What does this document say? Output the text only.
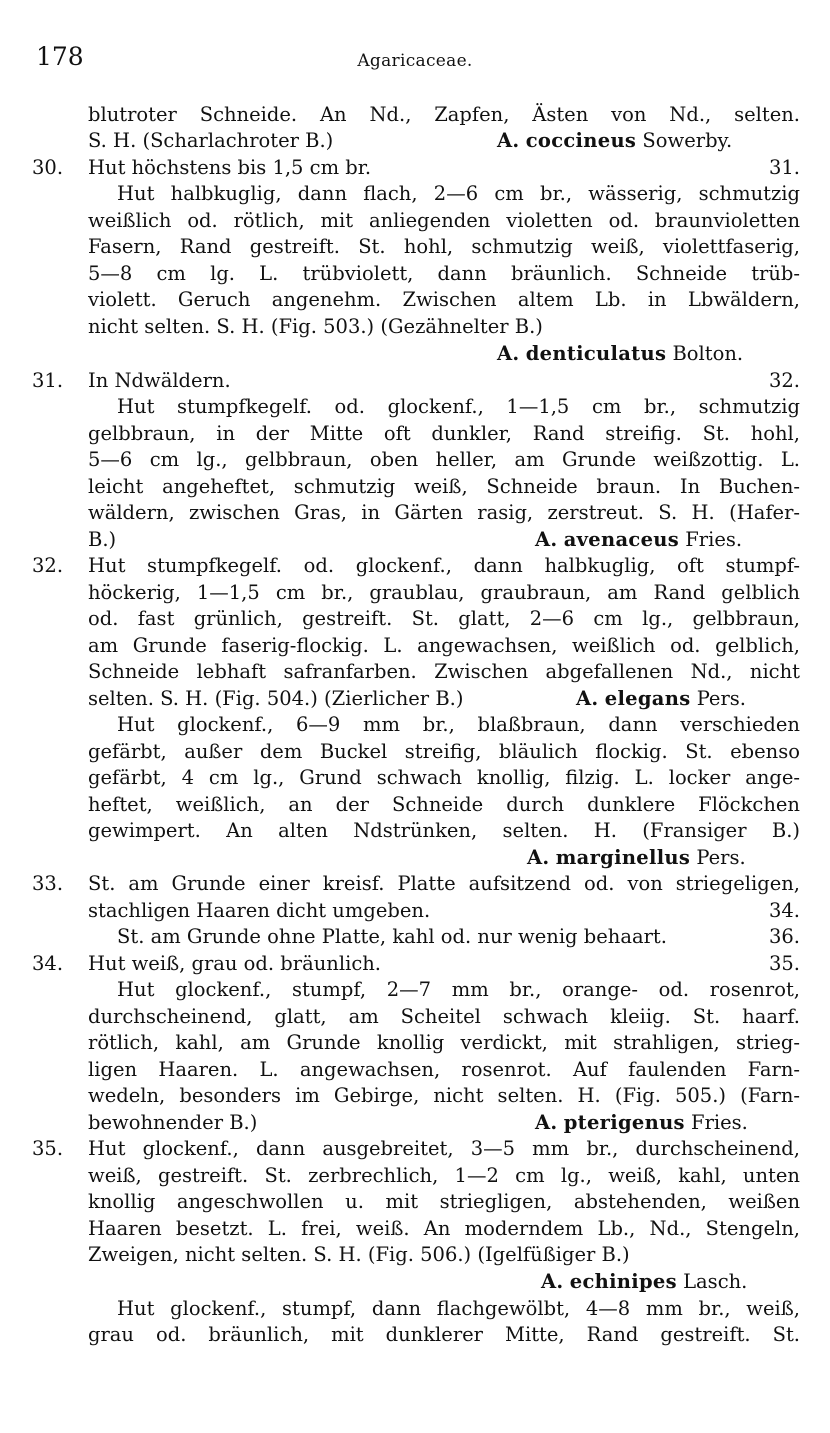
178	Agaricaceae.
blutroter Schneide. An Nd., Zapfen, Ästen von Nd., selten.
S. H. (Scharlachroter B.)	A. coccineus Sowerby.
30.	Hut höchstens bis 1,5 cm br.	31.
Hut halbkuglig, dann flach, 2—6 cm br., wässerig, schmutzig
weißlich od. rötlich, mit anliegenden violetten od. braunvioletten
Fasern, Rand gestreift. St. hohl, schmutzig weiß, violettfaserig,
5—8 cm lg. L. trübviolett, dann bräunlich. Schneide trüb-
violett. Geruch angenehm. Zwischen altem Lb. in Lbwäldern,
nicht selten. S. H. (Fig. 503.) (Gezähnelter B.)
A. denticulatus Bolton.
31.	In Ndwäldern.	32.
Hut stumpfkegelf. od. glockenf., 1—1,5 cm br., schmutzig
gelbbraun, in der Mitte oft dunkler, Rand streifig. St. hohl,
5—6 cm lg., gelbbraun, oben heller, am Grunde weißzottig. L.
leicht angeheftet, schmutzig weiß, Schneide braun. In Buchen-
wäldern, zwischen Gras, in Gärten rasig, zerstreut. S. H. (Hafer-
B.)	A. avenaceus Fries.
32.	Hut stumpfkegelf. od. glockenf., dann halbkuglig, oft stumpf-
höckerig, 1—1,5 cm br., graublau, graubraun, am Rand gelblich
od. fast grünlich, gestreift. St. glatt, 2—6 cm lg., gelbbraun,
am Grunde faserig-flockig. L. angewachsen, weißlich od. gelblich,
Schneide lebhaft safranfarben. Zwischen abgefallenen Nd., nicht
selten. S. H. (Fig. 504.) (Zierlicher B.)	A. elegans Pers.
Hut glockenf., 6—9 mm br., blaßbraun, dann verschieden
gefärbt, außer dem Buckel streifig, bläulich flockig. St. ebenso
gefärbt, 4 cm lg., Grund schwach knollig, filzig. L. locker ange-
heftet, weißlich, an der Schneide durch dunklere Flöckchen
gewimpert. An alten Ndstrünken, selten. H. (Fransiger B.)
A. marginellus Pers.
33.	St. am Grunde einer kreisf. Platte aufsitzend od. von striegeligen,
stachligen Haaren dicht umgeben.	34.
St. am Grunde ohne Platte, kahl od. nur wenig behaart.	36.
34.	Hut weiß, grau od. bräunlich.	35.
Hut glockenf., stumpf, 2—7 mm br., orange- od. rosenrot,
durchscheinend, glatt, am Scheitel schwach kleiig. St. haarf.
rötlich, kahl, am Grunde knollig verdickt, mit strahligen, strieg-
ligen Haaren. L. angewachsen, rosenrot. Auf faulenden Farn-
wedeln, besonders im Gebirge, nicht selten. H. (Fig. 505.) (Farn-
bewohnender B.)	A. pterigenus Fries.
35.	Hut glockenf., dann ausgebreitet, 3—5 mm br., durchscheinend,
weiß, gestreift. St. zerbrechlich, 1—2 cm lg., weiß, kahl, unten
knollig angeschwollen u. mit striegligen, abstehenden, weißen
Haaren besetzt. L. frei, weiß. An moderndem Lb., Nd., Stengeln,
Zweigen, nicht selten. S. H. (Fig. 506.) (Igelfüßiger B.)
A. echinipes Lasch.
Hut glockenf., stumpf, dann flachgewölbt, 4—8 mm br., weiß,
grau od. bräunlich, mit dunklerer Mitte, Rand gestreift. St.
